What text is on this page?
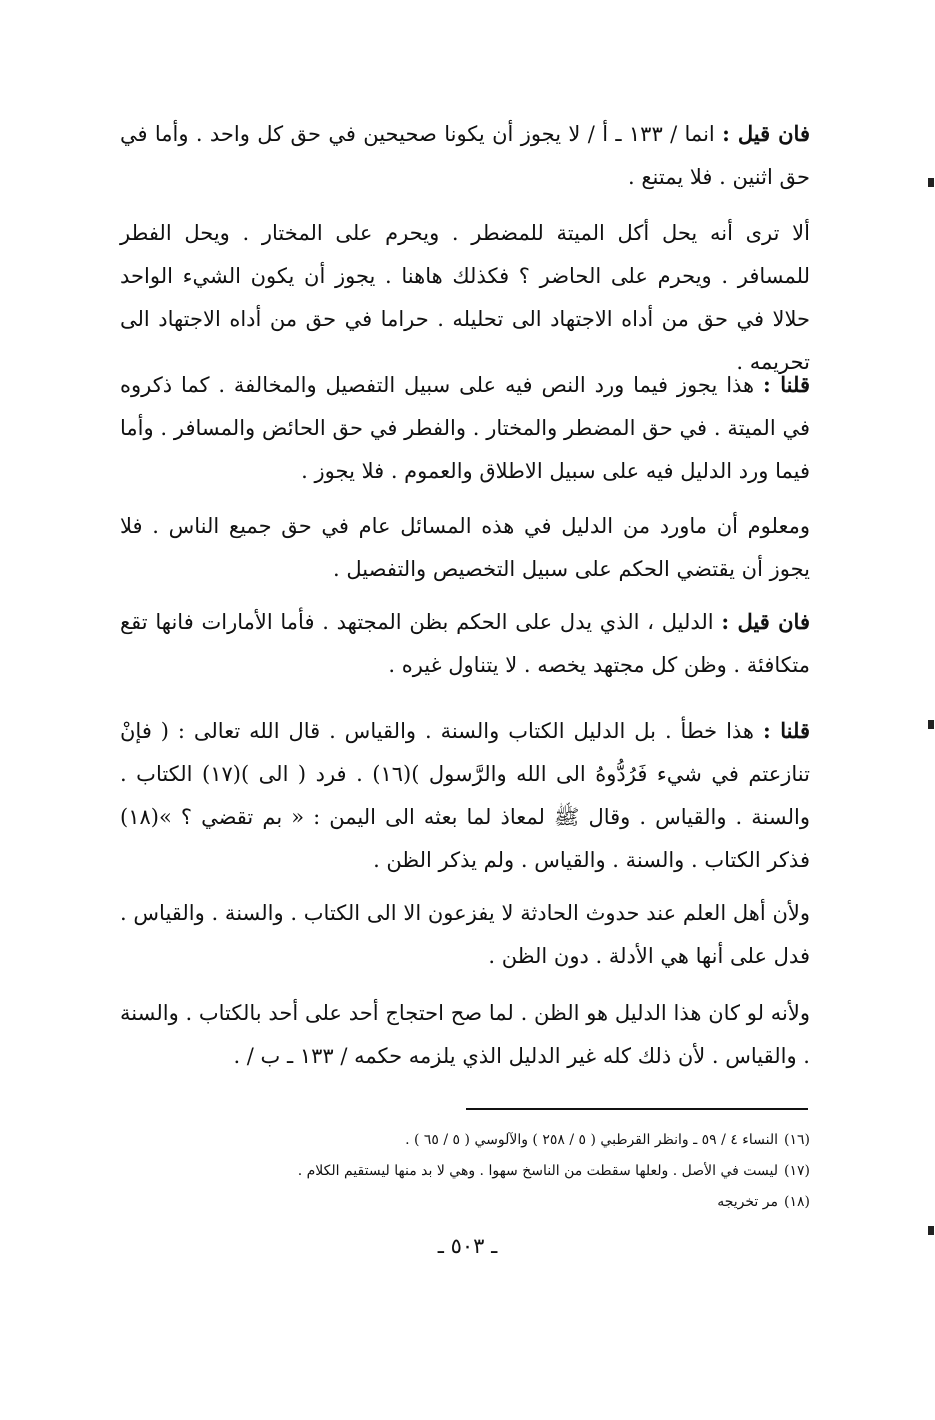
فان قيل : انما / ١٣٣ ـ أ / لا يجوز أن يكونا صحيحين في حق كل واحد . وأما في حق اثنين . فلا يمتنع .

ألا ترى أنه يحل أكل الميتة للمضطر . ويحرم على المختار . ويحل الفطر للمسافر . ويحرم على الحاضر ؟ فكذلك هاهنا . يجوز أن يكون الشيء الواحد حلالا في حق من أداه الاجتهاد الى تحليله . حراما في حق من أداه الاجتهاد الى تحريمه .

قلنا : هذا يجوز فيما ورد النص فيه على سبيل التفصيل والمخالفة . كما ذكروه في الميتة . في حق المضطر والمختار . والفطر في حق الحائض والمسافر . وأما فيما ورد الدليل فيه على سبيل الاطلاق والعموم . فلا يجوز .

ومعلوم أن ماورد من الدليل في هذه المسائل عام في حق جميع الناس . فلا يجوز أن يقتضي الحكم على سبيل التخصيص والتفصيل .

فان قيل : الدليل ، الذي يدل على الحكم بظن المجتهد . فأما الأمارات فانها تقع متكافئة . وظن كل مجتهد يخصه . لا يتناول غيره .

قلنا : هذا خطأ . بل الدليل الكتاب والسنة . والقياس . قال الله تعالى : ( فإنْ تنازعتم في شيء فَرُدُّوهُ الى الله والرَّسول )(١٦) . فرد ( الى )(١٧) الكتاب . والسنة . والقياس . وقال ﷺ لمعاذ لما بعثه الى اليمن : « بم تقضي ؟ »(١٨) فذكر الكتاب . والسنة . والقياس . ولم يذكر الظن .

ولأن أهل العلم عند حدوث الحادثة لا يفزعون الا الى الكتاب . والسنة . والقياس . فدل على أنها هي الأدلة . دون الظن .

ولأنه لو كان هذا الدليل هو الظن . لما صح احتجاج أحد على أحد بالكتاب . والسنة . والقياس . لأن ذلك كله غير الدليل الذي يلزمه حكمه / ١٣٣ ـ ب / .

(١٦)النساء ٤ / ٥٩ ـ وانظر القرطبي ( ٥ / ٢٥٨ ) والآلوسي ( ٥ / ٦٥ ) .

(١٧)ليست في الأصل . ولعلها سقطت من الناسخ سهوا . وهي لا بد منها ليستقيم الكلام .

(١٨)مر تخريجه

ـ ٥٠٣ ـ
